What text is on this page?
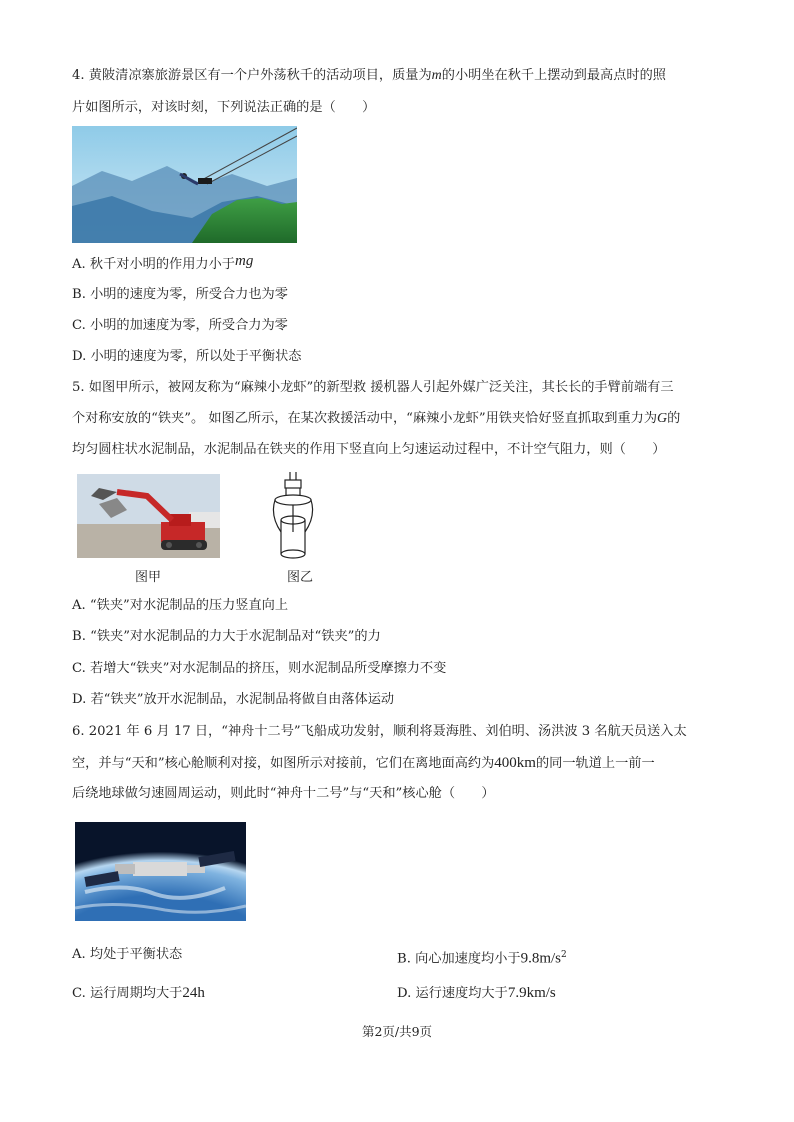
4. 黄陂清凉寨旅游景区有一个户外荡秋千的活动项目，质量为m的小明坐在秋千上摆动到最高点时的照
片如图所示，对该时刻，下列说法正确的是（　　）
A. 秋千对小明的作用力小于mg
B. 小明的速度为零，所受合力也为零
C. 小明的加速度为零，所受合力为零
D. 小明的速度为零，所以处于平衡状态
5. 如图甲所示，被网友称为“麻辣小龙虾”的新型救 援机器人引起外媒广泛关注，其长长的手臂前端有三
个对称安放的“铁夹”。 如图乙所示，在某次救援活动中，“麻辣小龙虾”用铁夹恰好竖直抓取到重力为G的
均匀圆柱状水泥制品，水泥制品在铁夹的作用下竖直向上匀速运动过程中，不计空气阻力，则（　　）
图甲	图乙
A. “铁夹”对水泥制品的压力竖直向上
B. “铁夹”对水泥制品的力大于水泥制品对“铁夹”的力
C. 若增大“铁夹”对水泥制品的挤压，则水泥制品所受摩擦力不变
D. 若“铁夹”放开水泥制品，水泥制品将做自由落体运动
6. 2021 年 6 月 17 日，“神舟十二号”飞船成功发射，顺利将聂海胜、刘伯明、汤洪波 3 名航天员送入太
空，并与“天和”核心舱顺利对接，如图所示对接前，它们在离地面高约为400km的同一轨道上一前一
后绕地球做匀速圆周运动，则此时“神舟十二号”与“天和”核心舱（　　）
A. 均处于平衡状态	B. 向心加速度均小于$9.8m/s^2$
C. 运行周期均大于24h	D. 运行速度均大于7.9km/s
第2页/共9页
